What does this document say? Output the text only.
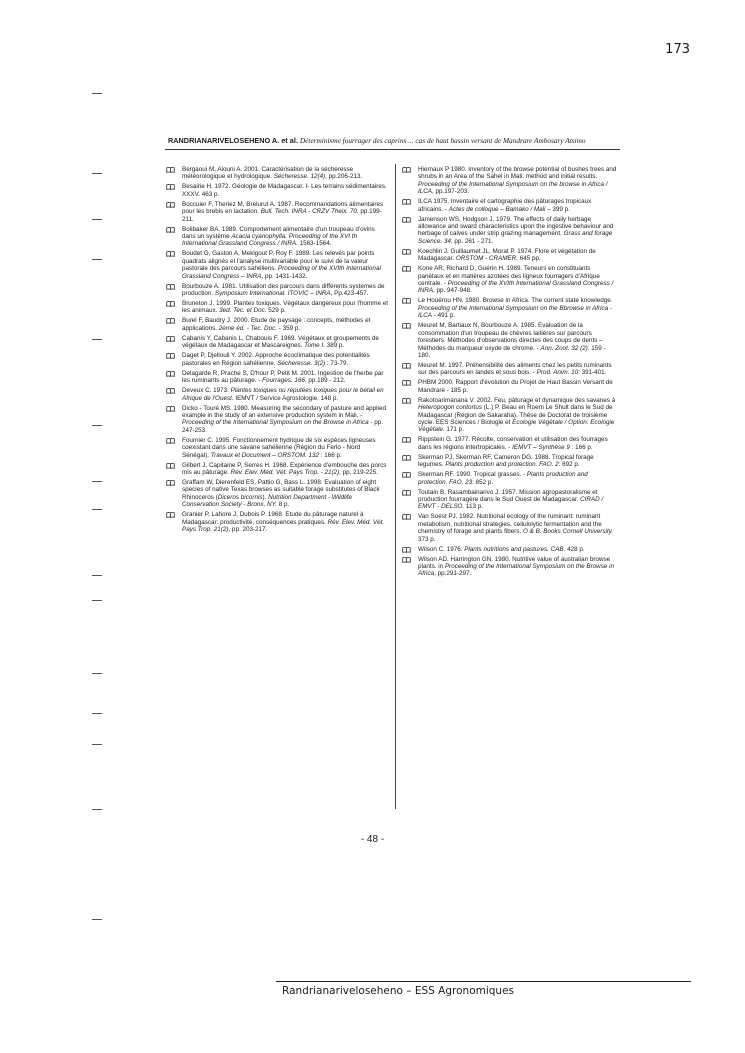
173
RANDRIANARIVELOSEHENO A. et al. Déterminisme fourrager des caprins ... cas de haut bassin versant de Mandrare Ambosary Atsimo
Bergaoui M, Alouni A. 2001. Caractérisation de la sécheresse météorologique et hydrologique. Sécheresse. 12(4), pp.206-213.
Besairie H. 1972. Géologie de Madagascar. I- Les terrains sédimentaires. XXXV. 463 p.
Boccuier F, Theriez M, Brelurut A. 1987. Recommandations alimentaires pour les brebis en lactation. Bull. Tech. INRA - CRZV Theix. 70, pp.199-211.
Bolibaker BA. 1989. Comportement alimentaire d'un troupeau d'ovins dans un système Acacia cyanophylla. Proceeding of the XVI th International Grassland Congress / INRA. 1563-1564.
Boudet G, Gaston A, Mekigout P, Roy F. 1989. Les relevés par points quadrats alignés et l'analyse multivariable pour le suivi de la valeur pastorale des parcours sahéliens. Proceeding of the XVIth International Grassland Congress – INRA, pp. 1431-1432.
Bourbouze A. 1981. Utilisation des parcours dans différents systèmes de production. Symposium International. ITOVIC – INRA, Pp.423-457.
Bruneton J. 1999. Plantes toxiques. Végétaux dangereux pour l'homme et les animaux. 3ed. Tec. et Doc. 529 p.
Burel F, Baudry J. 2000. Etude de paysage : concepts, méthodes et applications. 2ème éd. - Tec. Doc. - 359 p.
Cabanis Y, Cabanis L, Chabouis F. 1969. Végétaux et groupements de végétaux de Madagascar et Mascareignes. Tome I. 389 p.
Daget P, Djellouli Y. 2002. Approche écoclimatique des potentialités pastorales en Région sahélienne. Sécheresse. 3(2) : 73-79.
Delagarde R, Prache S, D'hour P, Petit M. 2001. Ingestion de l'herbe par les ruminants au pâturage. - Fourrages. 166, pp.189 - 212.
Deveux C. 1973. Plantes toxiques ou réputées toxiques pour le bétail en Afrique de l'Ouest. IEMVT / Service Agrostologie. 148 p.
Dicko - Touré MS. 1980. Measuring the secondary of pasture and applied example in the study of an extensive production system in Mali. - Proceeding of the International Symposium on the Browse in Africa - pp. 247-253.
Fournier C. 1995. Fonctionnement hydrique de six espèces ligneuses coexistant dans une savane sahélienne (Région du Ferlo - Nord Sénégal). Travaux et Document – ORSTOM. 132 : 166 p.
Gilbert J, Capitaine P, Serres H. 1968. Expérience d'embouche des porcs mis au pâturage. Rév. Elev. Méd. Vét. Pays Trop. - 21(2), pp. 219-225.
Graffam W, Dierenfeld ES, Pattio G, Bass L. 1998. Evaluation of eight species of native Texas browses as suitable forage substitutes of Black Rhinoceros (Diceros bicornis). Nutrition Department - Wildlife Conservation Society - Bronx, NY. 8 p.
Granier P, Lahore J, Dubois P. 1968. Etude du pâturage naturel à Madagascar: productivité, conséquences pratiques. Rév. Elev. Méd. Vét. Pays Trop. 21(2), pp. 203-217.
Hiernaux P 1980. Inventory of the browse potential of bushes trees and shrubs in an Area of the Sahel in Mali: method and initial results. Proceeding of the International Symposium on the browse in Africa / ILCA, pp.197-203.
ILCA 1975. Inventaire et cartographie des pâturages tropicaux africains. - Actes de colloque – Bamako / Mali – 399 p.
Jamenson WS, Hodgson J. 1979. The effects of daily herbage allowance and sward characteristics upon the ingestive behaviour and herbage of calves under strip grazing management. Grass and forage Science. 34; pp. 261 - 271.
Koechlin J, Guillaumet JL, Morat P. 1974. Flore et végétation de Madagascar. ORSTOM - CRAMER. 645 pp.
Kone AR, Richard D, Guérin H. 1989. Teneurs en constituants pariétaux et en matières azotées des ligneux fourragers d'Afrique centrale. - Proceeding of the XVIth International Grassland Congress / INRA, pp. 947-948.
Le Houérou HN. 1980. Browse in Africa. The current state knowledge. Proceeding of the International Symposium on the Bbrowse in Africa -ILCA - 491 p.
Meuret M, Bartiaux N, Bourbouze A. 1985. Evaluation de la consommation d'un troupeau de chèvres laitières sur parcours forestiers. Méthodes d'observations directes des coups de dents – Méthodes du marqueur oxyde de chrome. - Ann. Zoot. 32 (2): 159 - 180.
Meuret M. 1997. Préhensibilité des aliments chez les petits ruminants sur des parcours en landes et sous bois. - Prod. Anim. 10: 391-401.
PHBM 2000. Rapport d'évolution du Projet de Haut Bassin Versant de Mandrare - 185 p.
Rakotoarimanana V. 2002. Feu, pâturage et dynamique des savanes à Heteropogon contortus (L.) P. Beau en Roem Le Shult dans le Sud de Madagascar (Région de Sakaraha). Thèse de Doctorat de troisième cycle. EES Sciences / Biologie et Ecologie Végétale / Option: Ecologie Végétale. 171 p.
Rippstein G. 1977. Récolte, conservation et utilisation des fourrages dans les régions intertropicales. - IEMVT – Synthèse 9 : 166 p.
Skerman PJ, Skerman RF, Cameron DG. 1988. Tropical forage legumes. Plants production and protection. FAO. 2: 692 p.
Skerman RF. 1990. Tropical grasses. - Plants production and protection. FAO. 23: 852 p.
Toutain B, Rasambainarivo J. 1957. Mission agropastoralisme et production fourragère dans le Sud Ouest de Madagascar. CIRAD / EMVT - DELSO. 113 p.
Van Soest PJ. 1982. Nutritional ecology of the ruminant: ruminant metabolism, nutritional strategies, cellulolytic fermentation and the chemistry of forage and plants fibers. O & B. Books Cornell University. 373 p.
Wilson C. 1976. Plants nutritions and pastures. CAB. 428 p.
Wilson AD, Harrington GN. 1980. Nutritive value of australian browse plants. in Proceeding of the International Symposium on the Browse in Africa, pp.291-297.
- 48 -
Randrianariveloseheno – ESS Agronomiques
